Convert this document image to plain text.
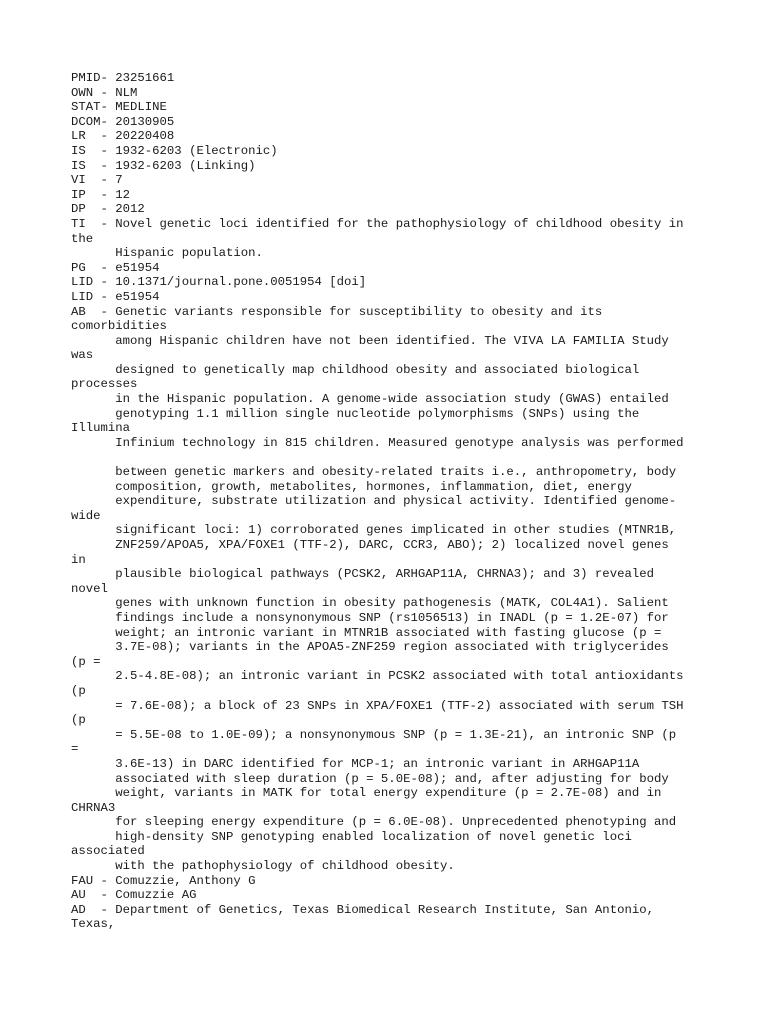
PMID- 23251661
OWN - NLM
STAT- MEDLINE
DCOM- 20130905
LR  - 20220408
IS  - 1932-6203 (Electronic)
IS  - 1932-6203 (Linking)
VI  - 7
IP  - 12
DP  - 2012
TI  - Novel genetic loci identified for the pathophysiology of childhood obesity in
the
Hispanic population.
PG  - e51954
LID - 10.1371/journal.pone.0051954 [doi]
LID - e51954
AB  - Genetic variants responsible for susceptibility to obesity and its
comorbidities
among Hispanic children have not been identified. The VIVA LA FAMILIA Study
was
designed to genetically map childhood obesity and associated biological
processes
in the Hispanic population. A genome-wide association study (GWAS) entailed
genotyping 1.1 million single nucleotide polymorphisms (SNPs) using the
Illumina
Infinium technology in 815 children. Measured genotype analysis was performed
between genetic markers and obesity-related traits i.e., anthropometry, body
composition, growth, metabolites, hormones, inflammation, diet, energy
expenditure, substrate utilization and physical activity. Identified genome-
wide
significant loci: 1) corroborated genes implicated in other studies (MTNR1B,
ZNF259/APOA5, XPA/FOXE1 (TTF-2), DARC, CCR3, ABO); 2) localized novel genes
in
plausible biological pathways (PCSK2, ARHGAP11A, CHRNA3); and 3) revealed
novel
genes with unknown function in obesity pathogenesis (MATK, COL4A1). Salient
findings include a nonsynonymous SNP (rs1056513) in INADL (p = 1.2E-07) for
weight; an intronic variant in MTNR1B associated with fasting glucose (p =
3.7E-08); variants in the APOA5-ZNF259 region associated with triglycerides
(p =
2.5-4.8E-08); an intronic variant in PCSK2 associated with total antioxidants
(p
= 7.6E-08); a block of 23 SNPs in XPA/FOXE1 (TTF-2) associated with serum TSH
(p
= 5.5E-08 to 1.0E-09); a nonsynonymous SNP (p = 1.3E-21), an intronic SNP (p
=
3.6E-13) in DARC identified for MCP-1; an intronic variant in ARHGAP11A
associated with sleep duration (p = 5.0E-08); and, after adjusting for body
weight, variants in MATK for total energy expenditure (p = 2.7E-08) and in
CHRNA3
for sleeping energy expenditure (p = 6.0E-08). Unprecedented phenotyping and
high-density SNP genotyping enabled localization of novel genetic loci
associated
with the pathophysiology of childhood obesity.
FAU - Comuzzie, Anthony G
AU  - Comuzzie AG
AD  - Department of Genetics, Texas Biomedical Research Institute, San Antonio,
Texas,
